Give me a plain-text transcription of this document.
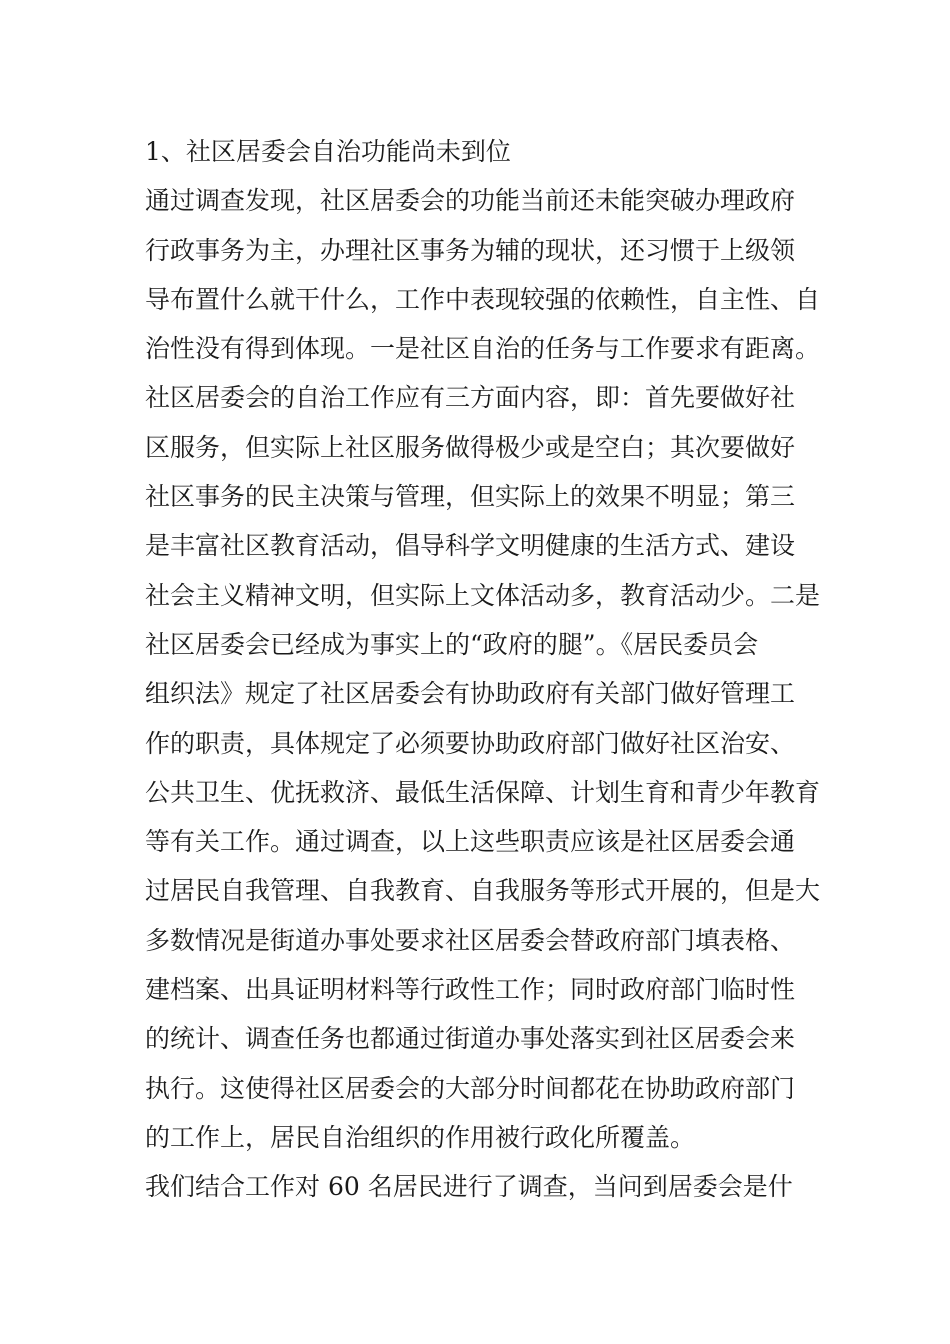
1、社区居委会自治功能尚未到位
通过调查发现，社区居委会的功能当前还未能突破办理政府
行政事务为主，办理社区事务为辅的现状，还习惯于上级领
导布置什么就干什么，工作中表现较强的依赖性，自主性、自
治性没有得到体现。一是社区自治的任务与工作要求有距离。
社区居委会的自治工作应有三方面内容，即：首先要做好社
区服务，但实际上社区服务做得极少或是空白；其次要做好
社区事务的民主决策与管理，但实际上的效果不明显；第三
是丰富社区教育活动，倡导科学文明健康的生活方式、建设
社会主义精神文明，但实际上文体活动多，教育活动少。二是
社区居委会已经成为事实上的“政府的腿”。《居民委员会
组织法》规定了社区居委会有协助政府有关部门做好管理工
作的职责，具体规定了必须要协助政府部门做好社区治安、
公共卫生、优抚救济、最低生活保障、计划生育和青少年教育
等有关工作。通过调查，以上这些职责应该是社区居委会通
过居民自我管理、自我教育、自我服务等形式开展的，但是大
多数情况是街道办事处要求社区居委会替政府部门填表格、
建档案、出具证明材料等行政性工作；同时政府部门临时性
的统计、调查任务也都通过街道办事处落实到社区居委会来
执行。这使得社区居委会的大部分时间都花在协助政府部门
的工作上，居民自治组织的作用被行政化所覆盖。
我们结合工作对 60 名居民进行了调查，当问到居委会是什
